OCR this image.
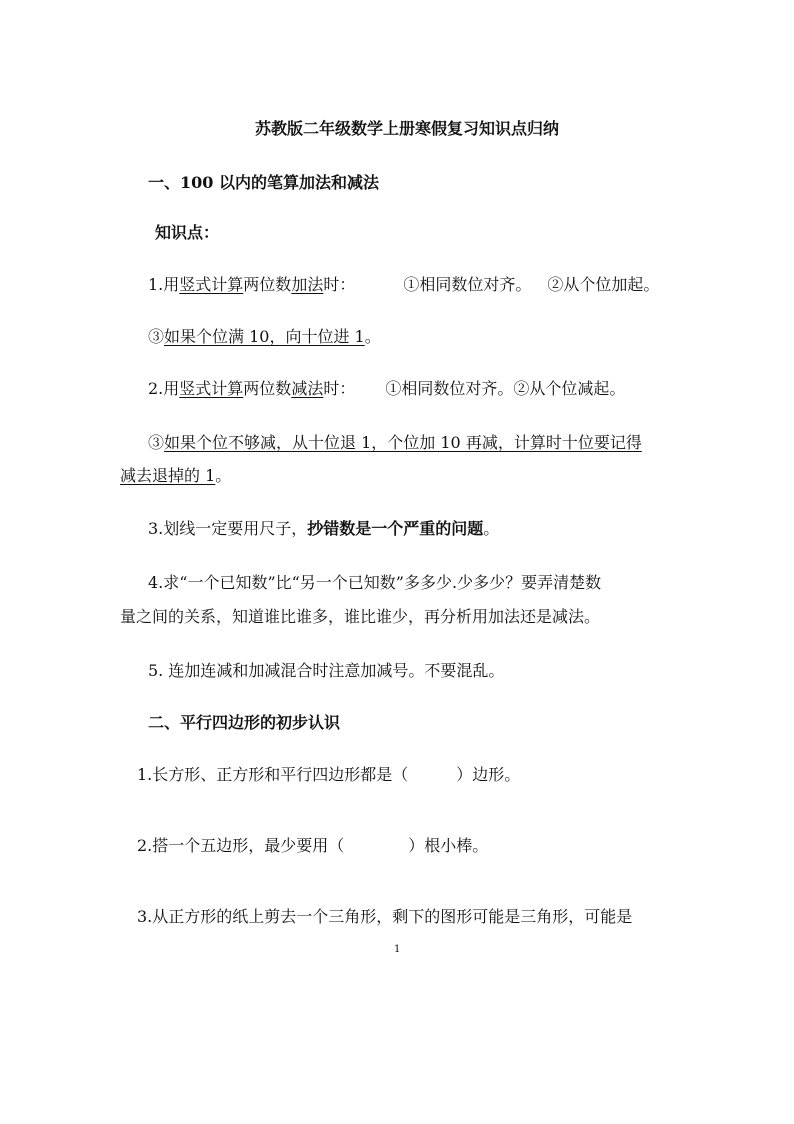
苏教版二年级数学上册寒假复习知识点归纳
一、100 以内的笔算加法和减法
知识点：
1.用竖式计算两位数加法时：	①相同数位对齐。 ②从个位加起。
③如果个位满 10，向十位进 1。
2.用竖式计算两位数减法时： ①相同数位对齐。②从个位减起。
③如果个位不够减，从十位退 1，个位加 10 再减，计算时十位要记得
减去退掉的 1。
3.划线一定要用尺子，抄错数是一个严重的问题。
4.求“一个已知数”比“另一个已知数”多多少.少多少？要弄清楚数
量之间的关系，知道谁比谁多，谁比谁少，再分析用加法还是减法。
5. 连加连减和加减混合时注意加减号。不要混乱。
二、平行四边形的初步认识
1.长方形、正方形和平行四边形都是（	）边形。
2.搭一个五边形，最少要用（	）根小棒。
3.从正方形的纸上剪去一个三角形，剩下的图形可能是三角形，可能是
1
